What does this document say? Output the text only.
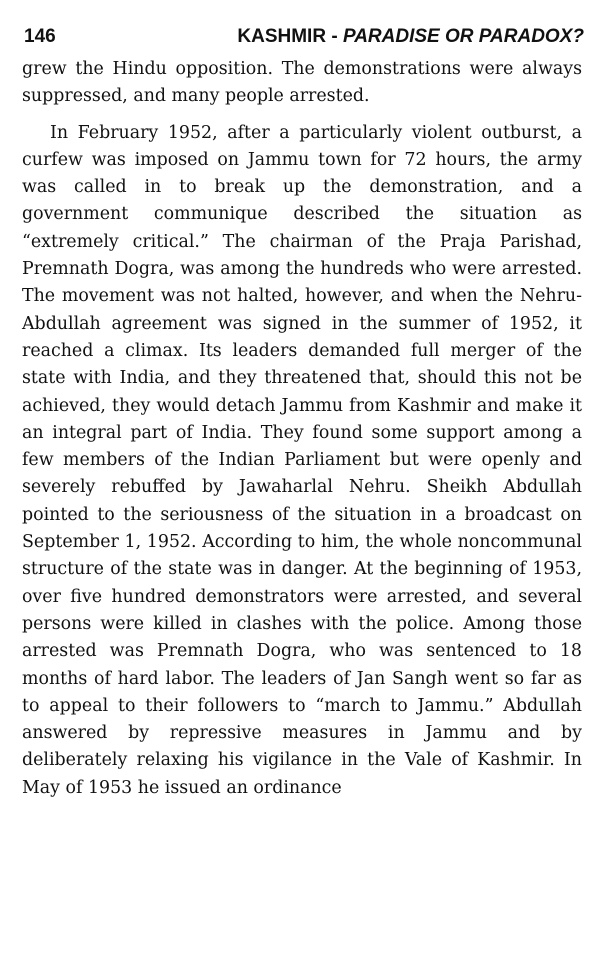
146	KASHMIR - PARADISE OR PARADOX?

grew the Hindu opposition. The demonstrations were always suppressed, and many people arrested.

In February 1952, after a particularly violent outburst, a curfew was imposed on Jammu town for 72 hours, the army was called in to break up the demonstration, and a government communique described the situation as “extremely critical.” The chairman of the Praja Parishad, Premnath Dogra, was among the hundreds who were arrested. The movement was not halted, however, and when the Nehru-Abdullah agreement was signed in the summer of 1952, it reached a climax. Its leaders demanded full merger of the state with India, and they threatened that, should this not be achieved, they would detach Jammu from Kashmir and make it an integral part of India. They found some support among a few members of the Indian Parliament but were openly and severely rebuffed by Jawaharlal Nehru. Sheikh Abdullah pointed to the seriousness of the situation in a broadcast on September 1, 1952. According to him, the whole noncommunal structure of the state was in danger. At the beginning of 1953, over five hundred demonstrators were arrested, and several persons were killed in clashes with the police. Among those arrested was Premnath Dogra, who was sentenced to 18 months of hard labor. The leaders of Jan Sangh went so far as to appeal to their followers to “march to Jammu.” Abdullah answered by repressive measures in Jammu and by deliberately relaxing his vigilance in the Vale of Kashmir. In May of 1953 he issued an ordinance
